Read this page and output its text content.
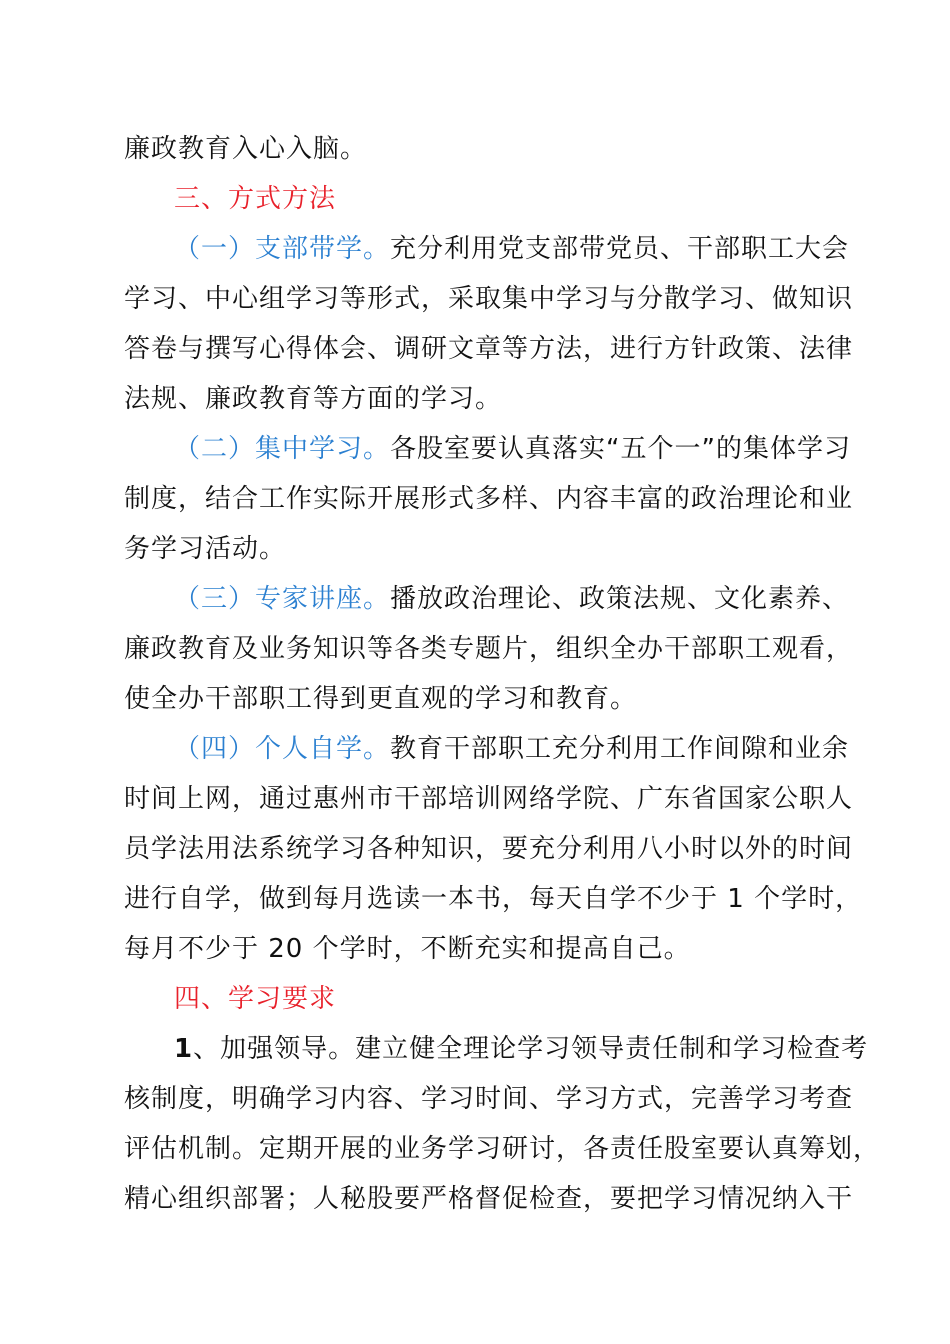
廉政教育入心入脑。
三、方式方法
（一）支部带学。充分利用党支部带党员、干部职工大会
学习、中心组学习等形式，采取集中学习与分散学习、做知识
答卷与撰写心得体会、调研文章等方法，进行方针政策、法律
法规、廉政教育等方面的学习。
（二）集中学习。各股室要认真落实“五个一”的集体学习
制度，结合工作实际开展形式多样、内容丰富的政治理论和业
务学习活动。
（三）专家讲座。播放政治理论、政策法规、文化素养、
廉政教育及业务知识等各类专题片，组织全办干部职工观看，
使全办干部职工得到更直观的学习和教育。
（四）个人自学。教育干部职工充分利用工作间隙和业余
时间上网，通过惠州市干部培训网络学院、广东省国家公职人
员学法用法系统学习各种知识，要充分利用八小时以外的时间
进行自学，做到每月选读一本书，每天自学不少于 1 个学时，
每月不少于 20 个学时，不断充实和提高自己。
四、学习要求
1、加强领导。建立健全理论学习领导责任制和学习检查考
核制度，明确学习内容、学习时间、学习方式，完善学习考查
评估机制。定期开展的业务学习研讨，各责任股室要认真筹划，
精心组织部署；人秘股要严格督促检查，要把学习情况纳入干
